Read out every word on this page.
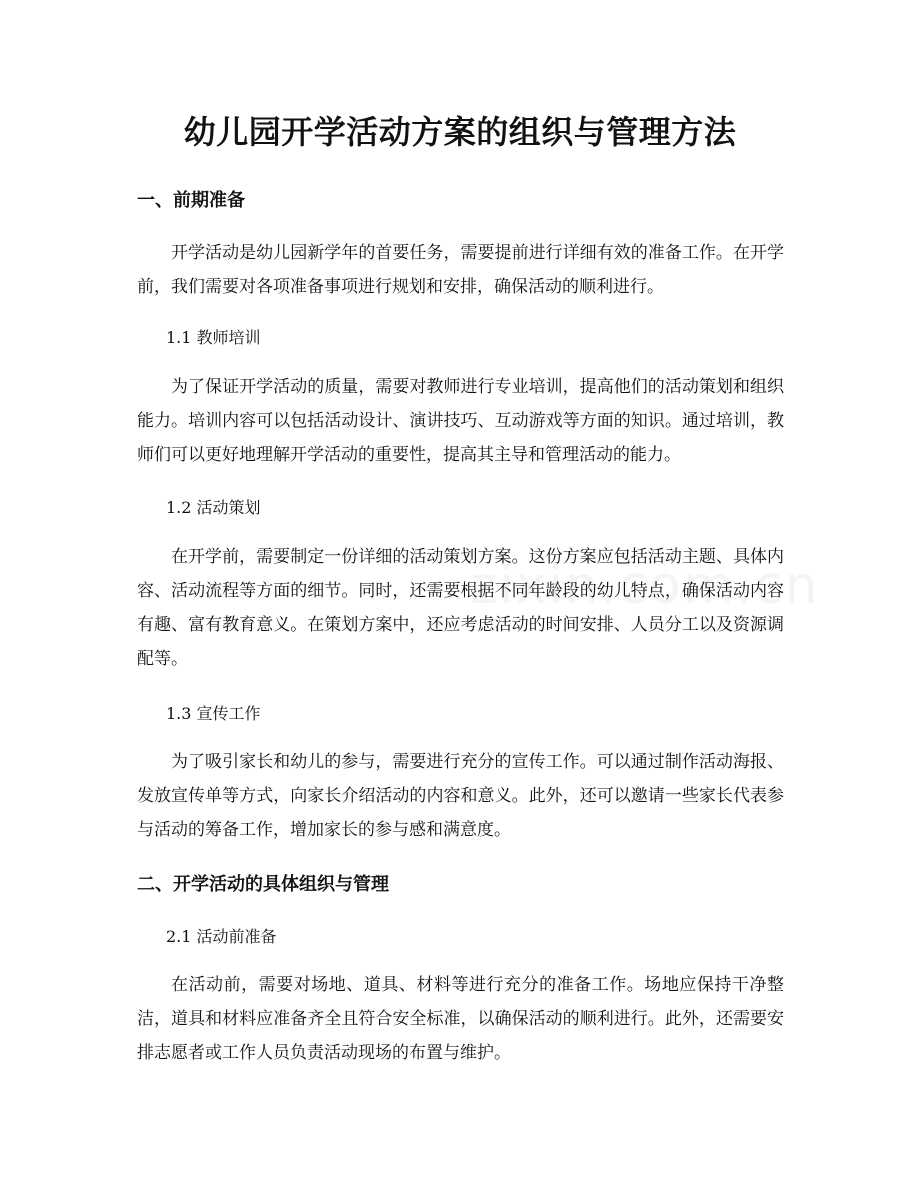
幼儿园开学活动方案的组织与管理方法
一、前期准备

开学活动是幼儿园新学年的首要任务，需要提前进行详细有效的准备工作。在开学前，我们需要对各项准备事项进行规划和安排，确保活动的顺利进行。

1.1 教师培训

为了保证开学活动的质量，需要对教师进行专业培训，提高他们的活动策划和组织能力。培训内容可以包括活动设计、演讲技巧、互动游戏等方面的知识。通过培训，教师们可以更好地理解开学活动的重要性，提高其主导和管理活动的能力。

1.2 活动策划

在开学前，需要制定一份详细的活动策划方案。这份方案应包括活动主题、具体内容、活动流程等方面的细节。同时，还需要根据不同年龄段的幼儿特点，确保活动内容有趣、富有教育意义。在策划方案中，还应考虑活动的时间安排、人员分工以及资源调配等。

1.3 宣传工作

为了吸引家长和幼儿的参与，需要进行充分的宣传工作。可以通过制作活动海报、发放宣传单等方式，向家长介绍活动的内容和意义。此外，还可以邀请一些家长代表参与活动的筹备工作，增加家长的参与感和满意度。

二、开学活动的具体组织与管理
2.1 活动前准备

在活动前，需要对场地、道具、材料等进行充分的准备工作。场地应保持干净整洁，道具和材料应准备齐全且符合安全标准，以确保活动的顺利进行。此外，还需要安排志愿者或工作人员负责活动现场的布置与维护。
